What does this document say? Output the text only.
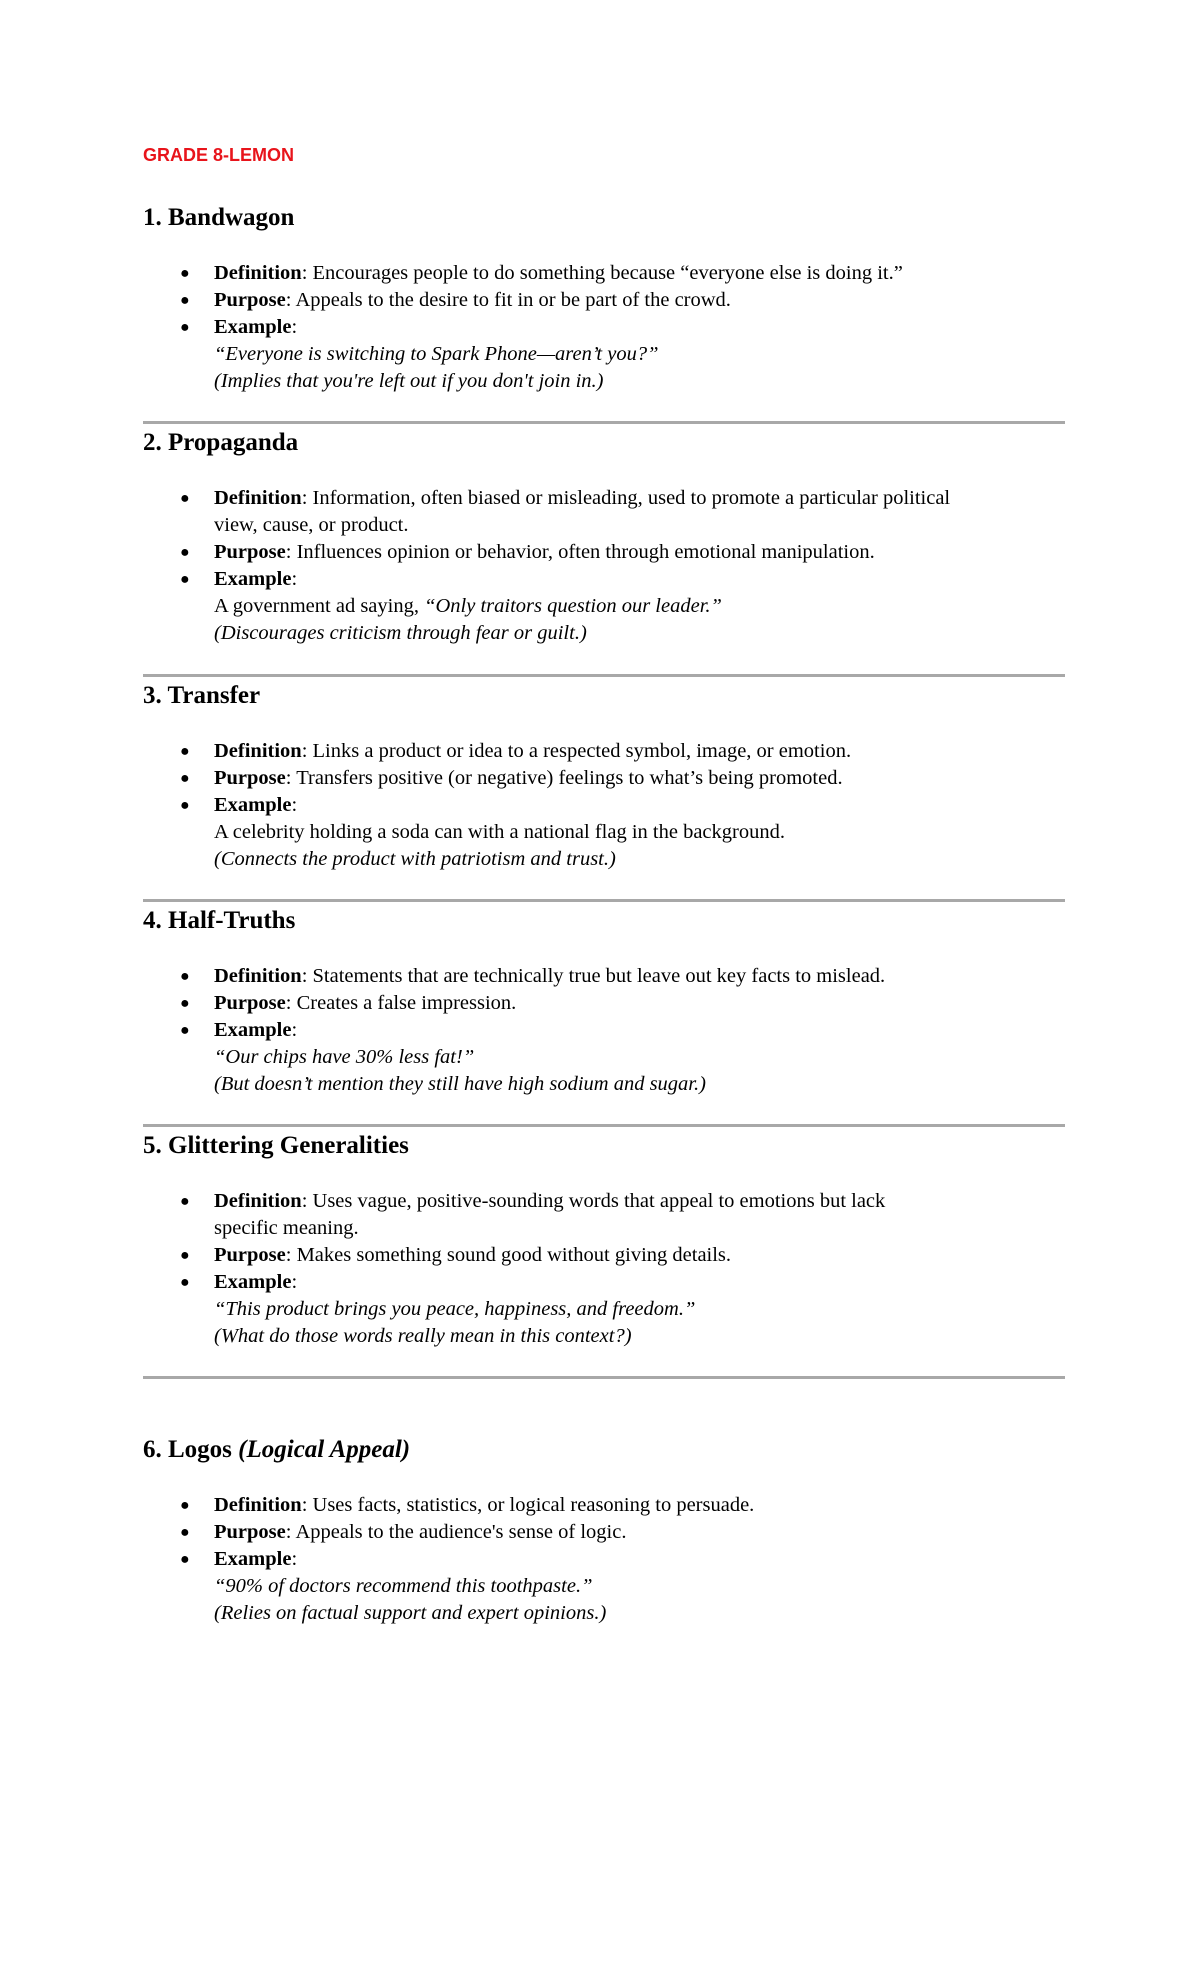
GRADE 8-LEMON
1. Bandwagon
● Definition: Encourages people to do something because “everyone else is doing it.”
● Purpose: Appeals to the desire to fit in or be part of the crowd.
● Example:
“Everyone is switching to Spark Phone—aren’t you?”
(Implies that you're left out if you don't join in.)
2. Propaganda
● Definition: Information, often biased or misleading, used to promote a particular political
view, cause, or product.
● Purpose: Influences opinion or behavior, often through emotional manipulation.
● Example:
A government ad saying, “Only traitors question our leader.”
(Discourages criticism through fear or guilt.)
3. Transfer
● Definition: Links a product or idea to a respected symbol, image, or emotion.
● Purpose: Transfers positive (or negative) feelings to what’s being promoted.
● Example:
A celebrity holding a soda can with a national flag in the background.
(Connects the product with patriotism and trust.)
4. Half-Truths
● Definition: Statements that are technically true but leave out key facts to mislead.
● Purpose: Creates a false impression.
● Example:
“Our chips have 30% less fat!”
(But doesn’t mention they still have high sodium and sugar.)
5. Glittering Generalities
● Definition: Uses vague, positive-sounding words that appeal to emotions but lack
specific meaning.
● Purpose: Makes something sound good without giving details.
● Example:
“This product brings you peace, happiness, and freedom.”
(What do those words really mean in this context?)
6. Logos (Logical Appeal)
● Definition: Uses facts, statistics, or logical reasoning to persuade.
● Purpose: Appeals to the audience's sense of logic.
● Example:
“90% of doctors recommend this toothpaste.”
(Relies on factual support and expert opinions.)
